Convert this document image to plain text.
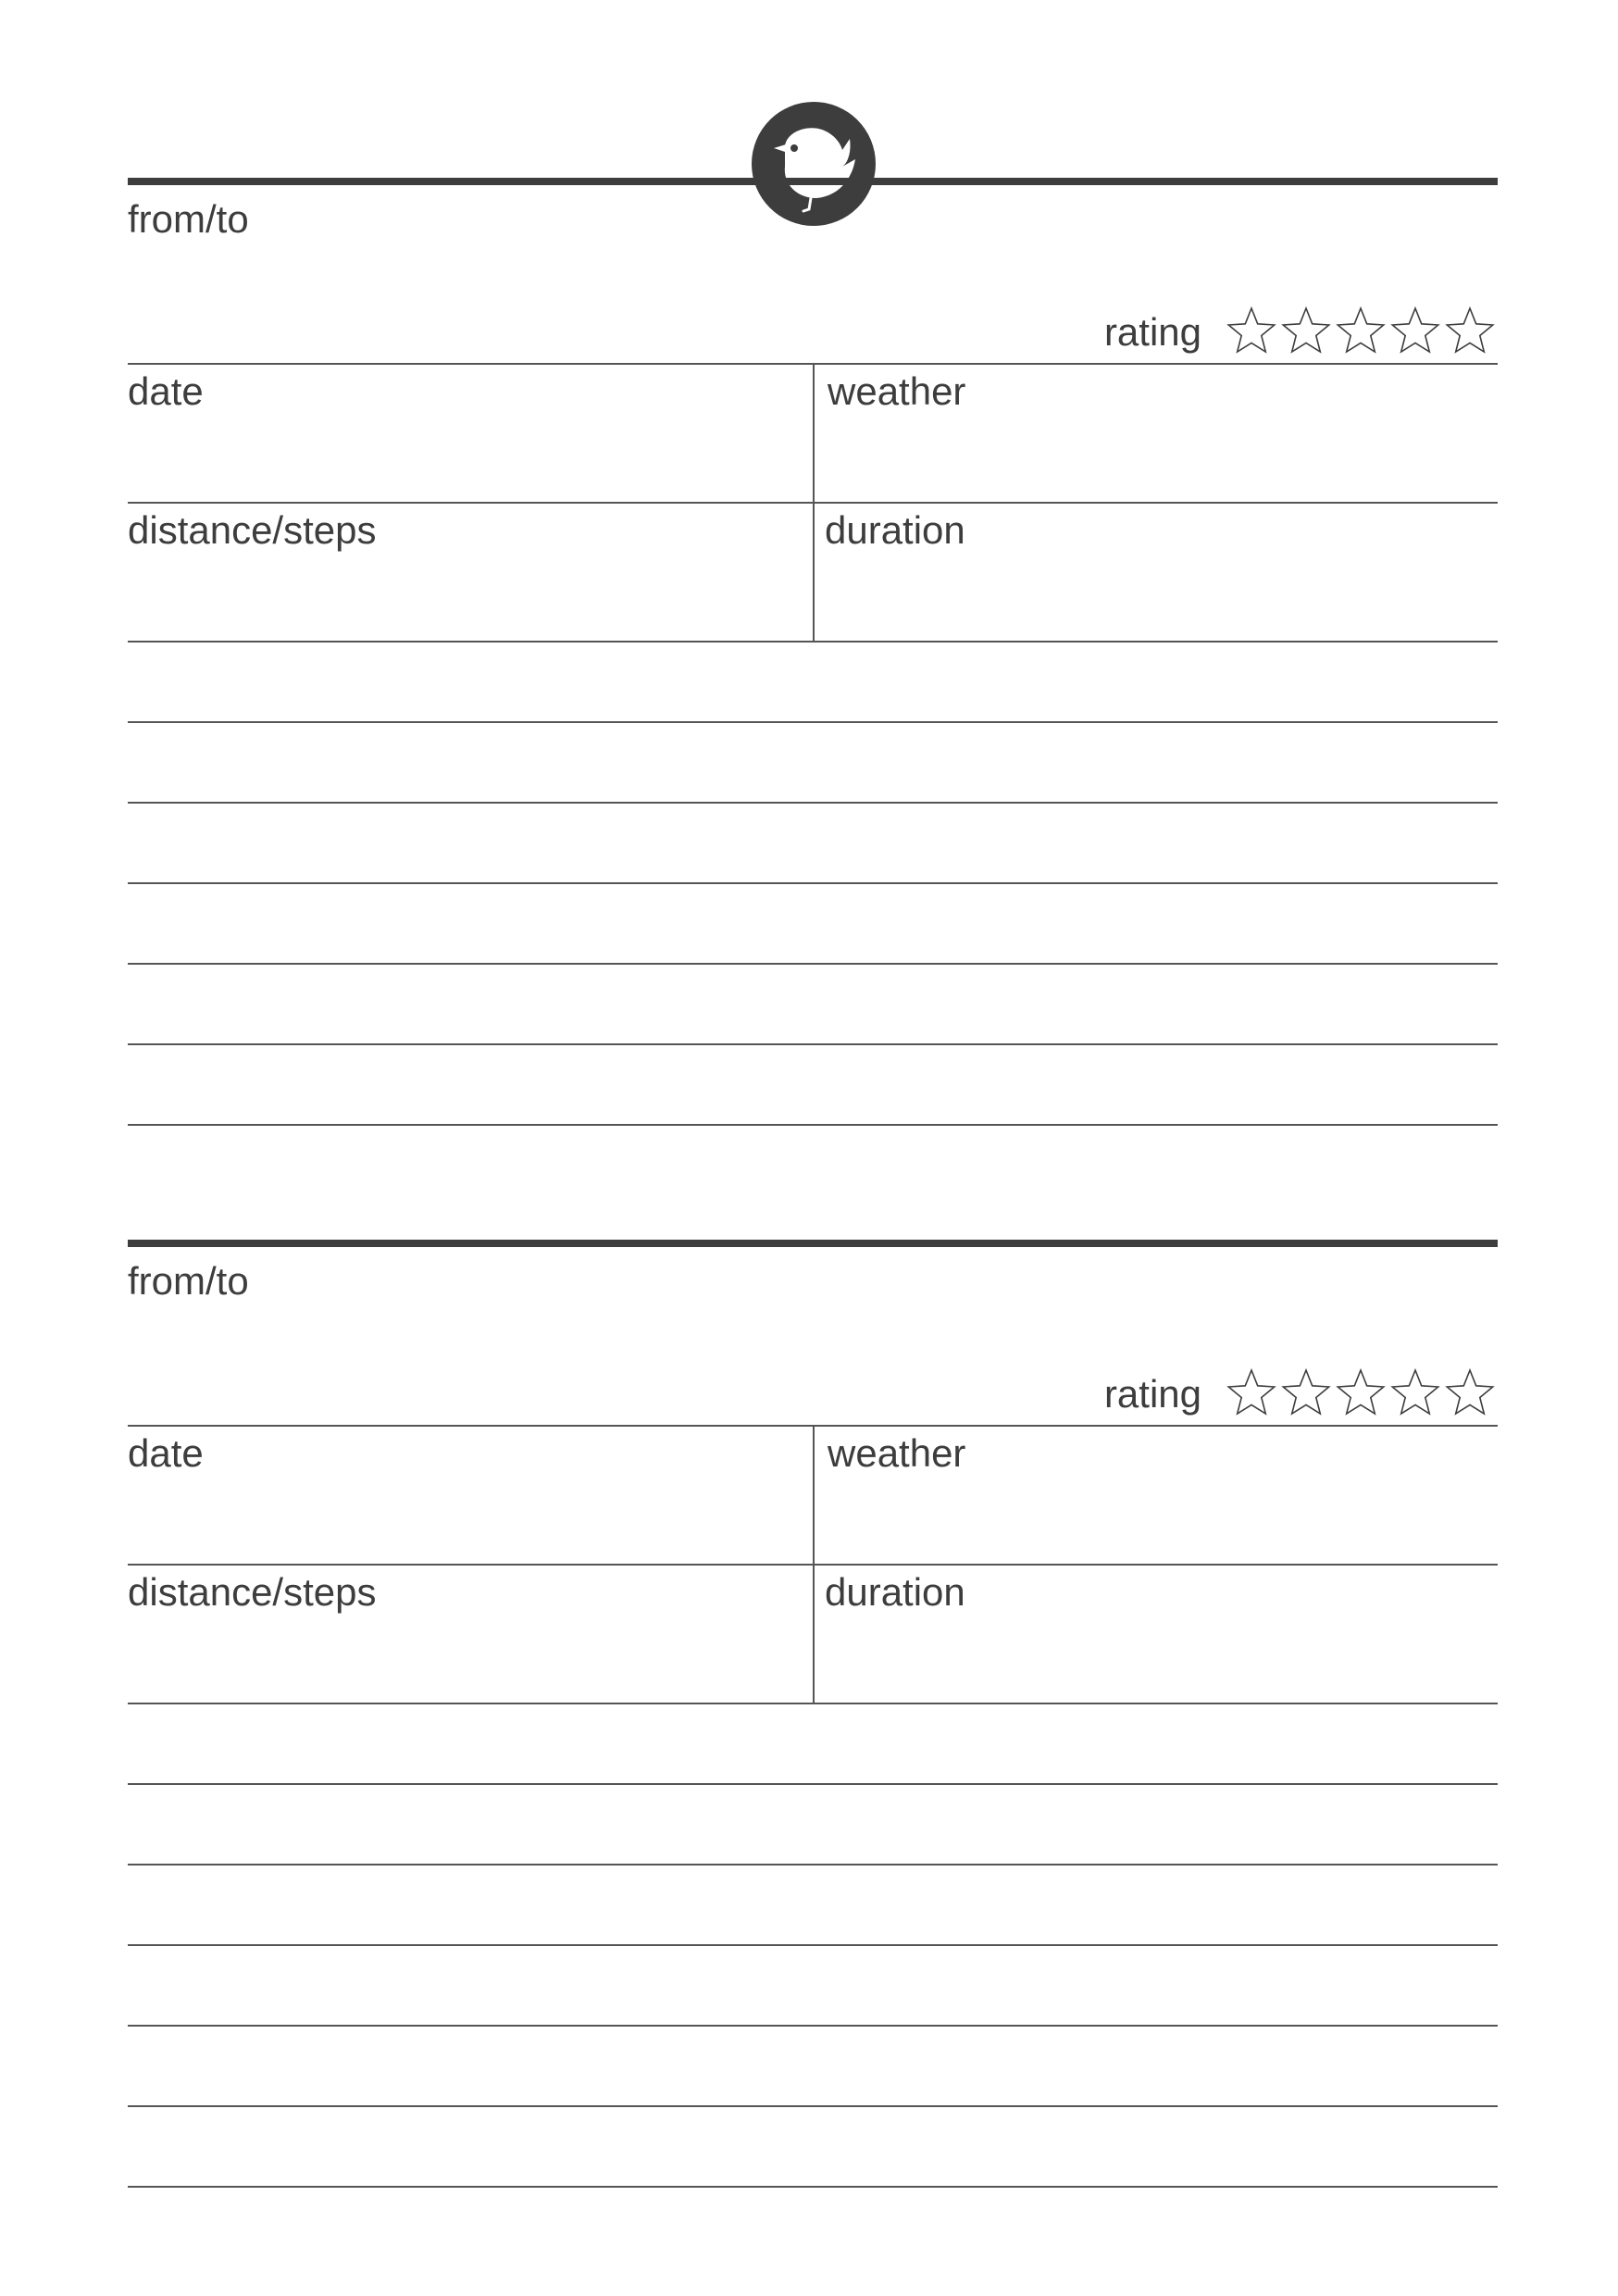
from/to
rating
date	weather
distance/steps	duration
from/to
rating
date	weather
distance/steps	duration
